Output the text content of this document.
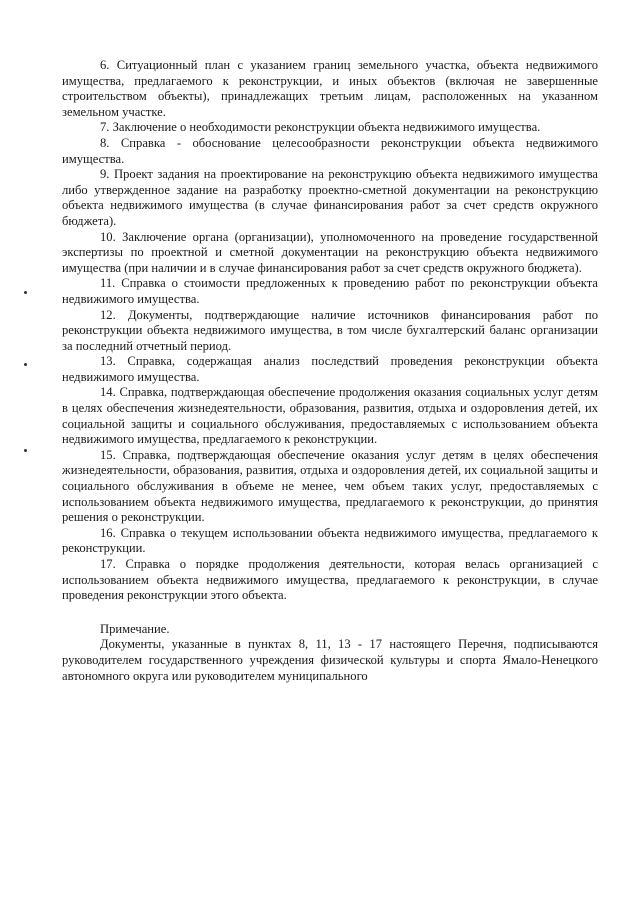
6. Ситуационный план с указанием границ земельного участка, объекта недвижимого имущества, предлагаемого к реконструкции, и иных объектов (включая не завершенные строительством объекты), принадлежащих третьим лицам, расположенных на указанном земельном участке.

7. Заключение о необходимости реконструкции объекта недвижимого имущества.

8. Справка - обоснование целесообразности реконструкции объекта недвижимого имущества.

9. Проект задания на проектирование на реконструкцию объекта недвижимого имущества либо утвержденное задание на разработку проектно-сметной документации на реконструкцию объекта недвижимого имущества (в случае финансирования работ за счет средств окружного бюджета).

10. Заключение органа (организации), уполномоченного на проведение государственной экспертизы по проектной и сметной документации на реконструкцию объекта недвижимого имущества (при наличии и в случае финансирования работ за счет средств окружного бюджета).

11. Справка о стоимости предложенных к проведению работ по реконструкции объекта недвижимого имущества.

12. Документы, подтверждающие наличие источников финансирования работ по реконструкции объекта недвижимого имущества, в том числе бухгалтерский баланс организации за последний отчетный период.

13. Справка, содержащая анализ последствий проведения реконструкции объекта недвижимого имущества.

14. Справка, подтверждающая обеспечение продолжения оказания социальных услуг детям в целях обеспечения жизнедеятельности, образования, развития, отдыха и оздоровления детей, их социальной защиты и социального обслуживания, предоставляемых с использованием объекта недвижимого имущества, предлагаемого к реконструкции.

15. Справка, подтверждающая обеспечение оказания услуг детям в целях обеспечения жизнедеятельности, образования, развития, отдыха и оздоровления детей, их социальной защиты и социального обслуживания в объеме не менее, чем объем таких услуг, предоставляемых с использованием объекта недвижимого имущества, предлагаемого к реконструкции, до принятия решения о реконструкции.

16. Справка о текущем использовании объекта недвижимого имущества, предлагаемого к реконструкции.

17. Справка о порядке продолжения деятельности, которая велась организацией с использованием объекта недвижимого имущества, предлагаемого к реконструкции, в случае проведения реконструкции этого объекта.

Примечание.

Документы, указанные в пунктах 8, 11, 13 - 17 настоящего Перечня, подписываются руководителем государственного учреждения физической культуры и спорта Ямало-Ненецкого автономного округа или руководителем муниципального
